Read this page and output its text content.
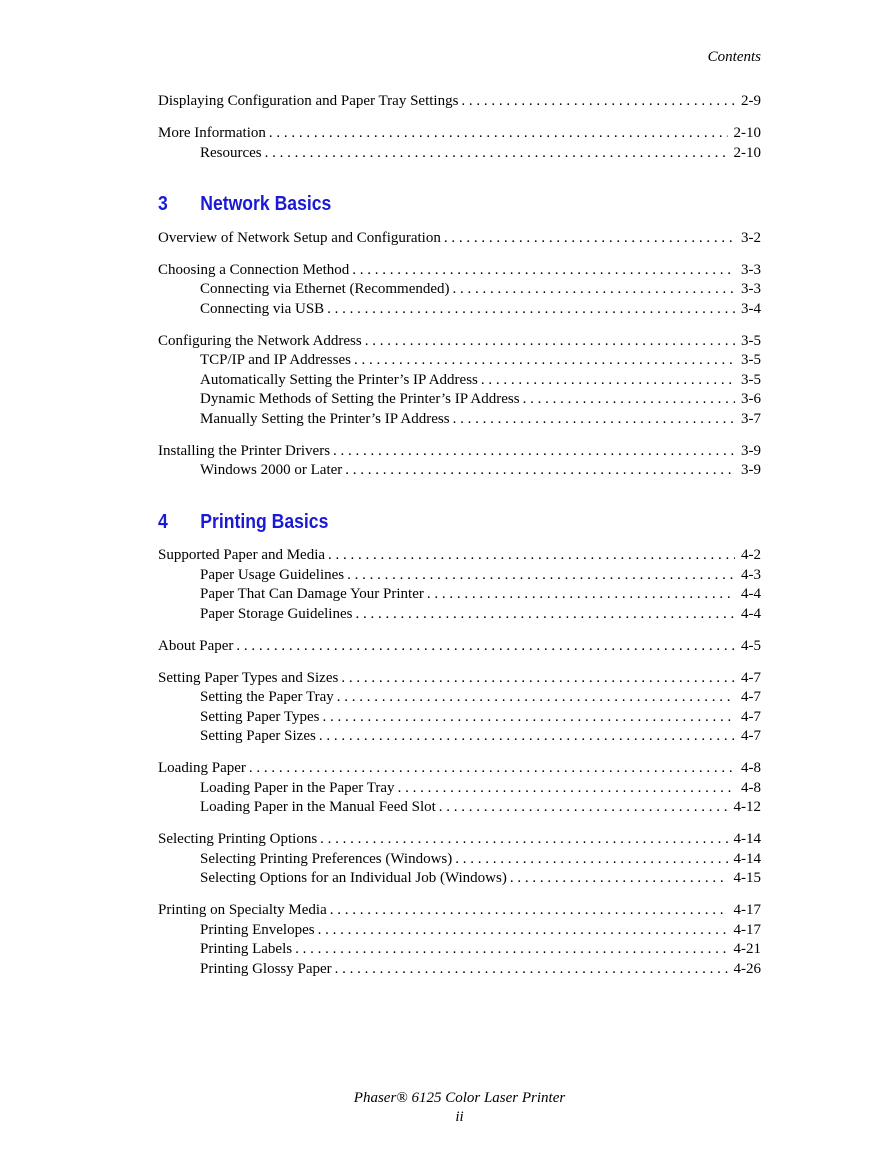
Contents
Displaying Configuration and Paper Tray Settings . . .	2-9
More Information . . .	2-10
Resources . . .	2-10
3	Network Basics
Overview of Network Setup and Configuration . . .	3-2
Choosing a Connection Method . . .	3-3
Connecting via Ethernet (Recommended) . . .	3-3
Connecting via USB . . .	3-4
Configuring the Network Address . . .	3-5
TCP/IP and IP Addresses . . .	3-5
Automatically Setting the Printer’s IP Address . . .	3-5
Dynamic Methods of Setting the Printer’s IP Address . . .	3-6
Manually Setting the Printer’s IP Address . . .	3-7
Installing the Printer Drivers . . .	3-9
Windows 2000 or Later . . .	3-9
4	Printing Basics
Supported Paper and Media . . .	4-2
Paper Usage Guidelines . . .	4-3
Paper That Can Damage Your Printer . . .	4-4
Paper Storage Guidelines . . .	4-4
About Paper . . .	4-5
Setting Paper Types and Sizes . . .	4-7
Setting the Paper Tray . . .	4-7
Setting Paper Types . . .	4-7
Setting Paper Sizes . . .	4-7
Loading Paper . . .	4-8
Loading Paper in the Paper Tray . . .	4-8
Loading Paper in the Manual Feed Slot . . .	4-12
Selecting Printing Options . . .	4-14
Selecting Printing Preferences (Windows) . . .	4-14
Selecting Options for an Individual Job (Windows) . . .	4-15
Printing on Specialty Media . . .	4-17
Printing Envelopes . . .	4-17
Printing Labels . . .	4-21
Printing Glossy Paper . . .	4-26
Phaser® 6125 Color Laser Printer
ii
